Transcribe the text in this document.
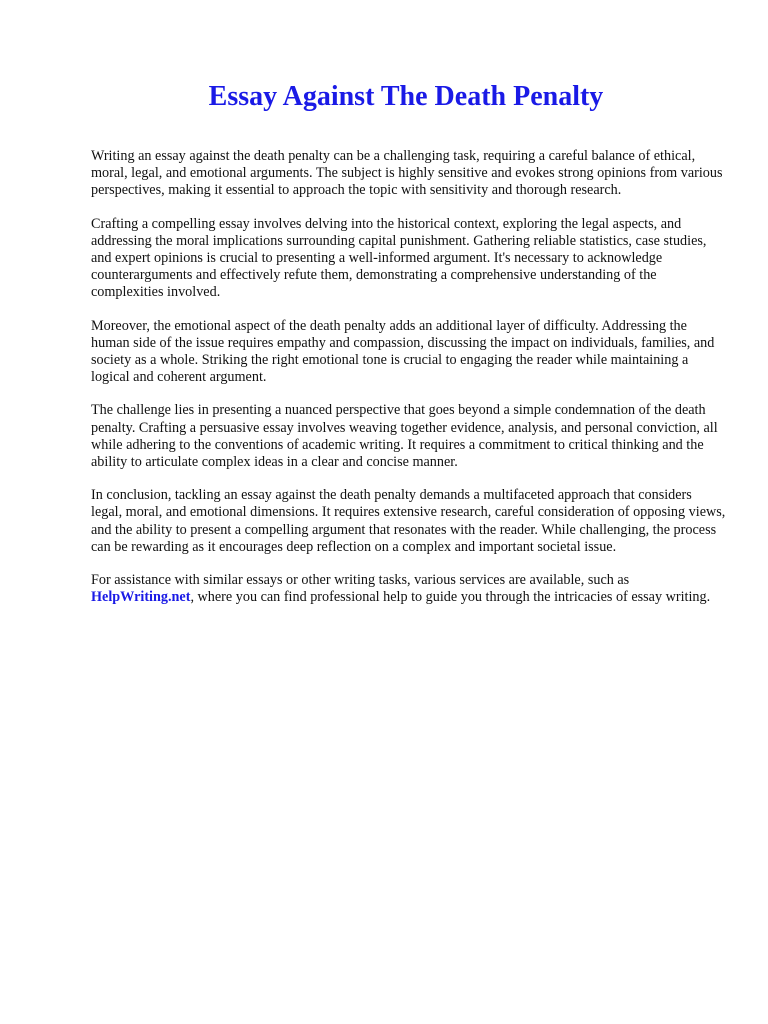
Essay Against The Death Penalty

Writing an essay against the death penalty can be a challenging task, requiring a careful balance of ethical, moral, legal, and emotional arguments. The subject is highly sensitive and evokes strong opinions from various perspectives, making it essential to approach the topic with sensitivity and thorough research.

Crafting a compelling essay involves delving into the historical context, exploring the legal aspects, and addressing the moral implications surrounding capital punishment. Gathering reliable statistics, case studies, and expert opinions is crucial to presenting a well-informed argument. It's necessary to acknowledge counterarguments and effectively refute them, demonstrating a comprehensive understanding of the complexities involved.

Moreover, the emotional aspect of the death penalty adds an additional layer of difficulty. Addressing the human side of the issue requires empathy and compassion, discussing the impact on individuals, families, and society as a whole. Striking the right emotional tone is crucial to engaging the reader while maintaining a logical and coherent argument.

The challenge lies in presenting a nuanced perspective that goes beyond a simple condemnation of the death penalty. Crafting a persuasive essay involves weaving together evidence, analysis, and personal conviction, all while adhering to the conventions of academic writing. It requires a commitment to critical thinking and the ability to articulate complex ideas in a clear and concise manner.

In conclusion, tackling an essay against the death penalty demands a multifaceted approach that considers legal, moral, and emotional dimensions. It requires extensive research, careful consideration of opposing views, and the ability to present a compelling argument that resonates with the reader. While challenging, the process can be rewarding as it encourages deep reflection on a complex and important societal issue.

For assistance with similar essays or other writing tasks, various services are available, such as HelpWriting.net, where you can find professional help to guide you through the intricacies of essay writing.
